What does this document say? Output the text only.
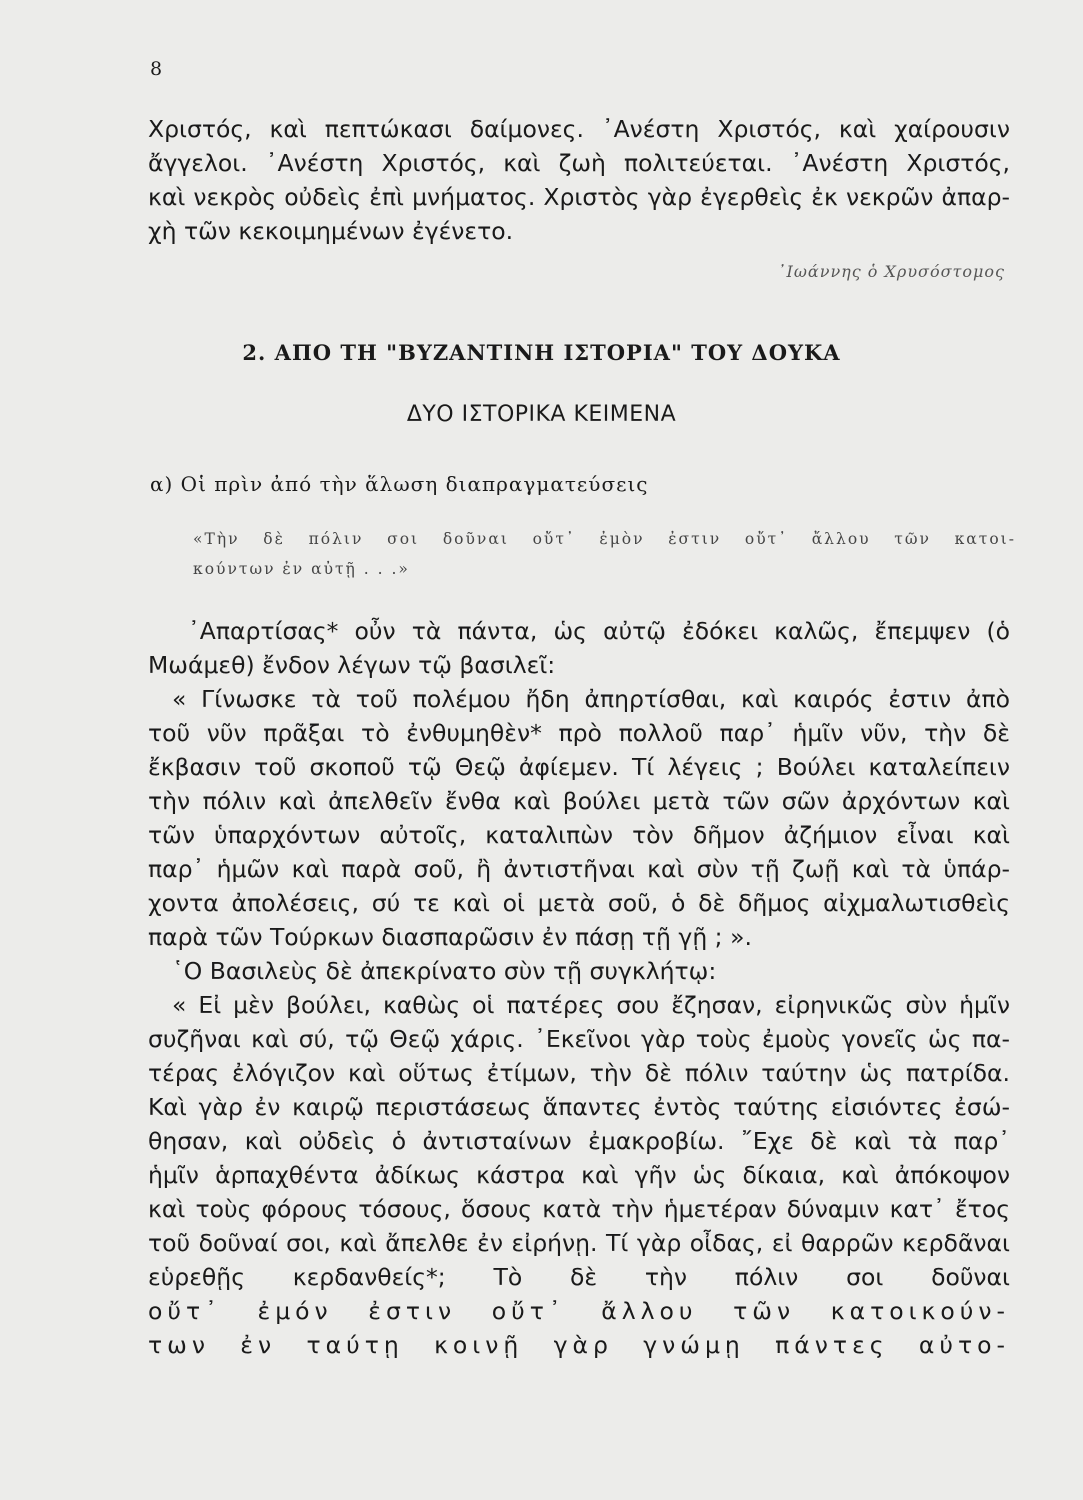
8
Χριστός, καὶ πεπτώκασι δαίμονες. ᾿Ανέστη Χριστός, καὶ χαίρουσιν
ἄγγελοι. ᾿Ανέστη Χριστός, καὶ ζωὴ πολιτεύεται. ᾿Ανέστη Χριστός,
καὶ νεκρὸς οὐδεὶς ἐπὶ μνήματος. Χριστὸς γὰρ ἐγερθεὶς ἐκ νεκρῶν ἀπαρ-
χὴ τῶν κεκοιμημένων ἐγένετο.
᾿Ιωάννης ὁ Χρυσόστομος
2. ΑΠΟ ΤΗ "ΒΥΖΑΝΤΙΝΗ ΙΣΤΟΡΙΑ" ΤΟΥ ΔΟΥΚΑ
ΔΥΟ ΙΣΤΟΡΙΚΑ ΚΕΙΜΕΝΑ
α) Οἱ πρὶν ἀπό τὴν ἅλωση διαπραγματεύσεις
«Τὴν δὲ πόλιν σοι δοῦναι οὔτ᾿ ἐμὸν ἐστιν οὔτ᾿ ἄλλου τῶν κατοι-
κούντων ἐν αὐτῇ . . .»
᾿Απαρτίσας* οὖν τὰ πάντα, ὡς αὐτῷ ἐδόκει καλῶς, ἔπεμψεν (ὁ
Μωάμεθ) ἔνδον λέγων τῷ βασιλεῖ:
« Γίνωσκε τὰ τοῦ πολέμου ἤδη ἀπηρτίσθαι, καὶ καιρός ἐστιν ἀπὸ
τοῦ νῦν πρᾶξαι τὸ ἐνθυμηθὲν* πρὸ πολλοῦ παρ᾿ ἡμῖν νῦν, τὴν δὲ
ἔκβασιν τοῦ σκοποῦ τῷ Θεῷ ἀφίεμεν. Τί λέγεις ; Βούλει καταλείπειν
τὴν πόλιν καὶ ἀπελθεῖν ἔνθα καὶ βούλει μετὰ τῶν σῶν ἀρχόντων καὶ
τῶν ὑπαρχόντων αὐτοῖς, καταλιπὼν τὸν δῆμον ἀζήμιον εἶναι καὶ
παρ᾿ ἡμῶν καὶ παρὰ σοῦ, ἢ ἀντιστῆναι καὶ σὺν τῇ ζωῇ καὶ τὰ ὑπάρ-
χοντα ἀπολέσεις, σύ τε καὶ οἱ μετὰ σοῦ, ὁ δὲ δῆμος αἰχμαλωτισθεὶς
παρὰ τῶν Τούρκων διασπαρῶσιν ἐν πάσῃ τῇ γῇ ; ».
῾Ο Βασιλεὺς δὲ ἀπεκρίνατο σὺν τῇ συγκλήτῳ:
« Εἰ μὲν βούλει, καθὼς οἱ πατέρες σου ἔζησαν, εἰρηνικῶς σὺν ἡμῖν
συζῆναι καὶ σύ, τῷ Θεῷ χάρις. ᾿Εκεῖνοι γὰρ τοὺς ἐμοὺς γονεῖς ὡς πα-
τέρας ἐλόγιζον καὶ οὕτως ἐτίμων, τὴν δὲ πόλιν ταύτην ὡς πατρίδα.
Καὶ γὰρ ἐν καιρῷ περιστάσεως ἅπαντες ἐντὸς ταύτης εἰσιόντες ἐσώ-
θησαν, καὶ οὐδεὶς ὁ ἀντισταίνων ἐμακροβίω. ῎Εχε δὲ καὶ τὰ παρ᾿
ἡμῖν ἁρπαχθέντα ἀδίκως κάστρα καὶ γῆν ὡς δίκαια, καὶ ἀπόκοψον
καὶ τοὺς φόρους τόσους, ὅσους κατὰ τὴν ἡμετέραν δύναμιν κατ᾿ ἔτος
τοῦ δοῦναί σοι, καὶ ἄπελθε ἐν εἰρήνῃ. Τί γὰρ οἶδας, εἰ θαρρῶν κερδᾶναι
εὑρεθῇς κερδανθείς*; Τὸ δὲ τὴν πόλιν σοι δοῦναι
οὔτ᾿ ἐμόν ἐστιν οὔτ᾿ ἄλλου τῶν κατοικούν-
των ἐν ταύτῃ κοινῇ γὰρ γνώμῃ πάντες αὐτο-
